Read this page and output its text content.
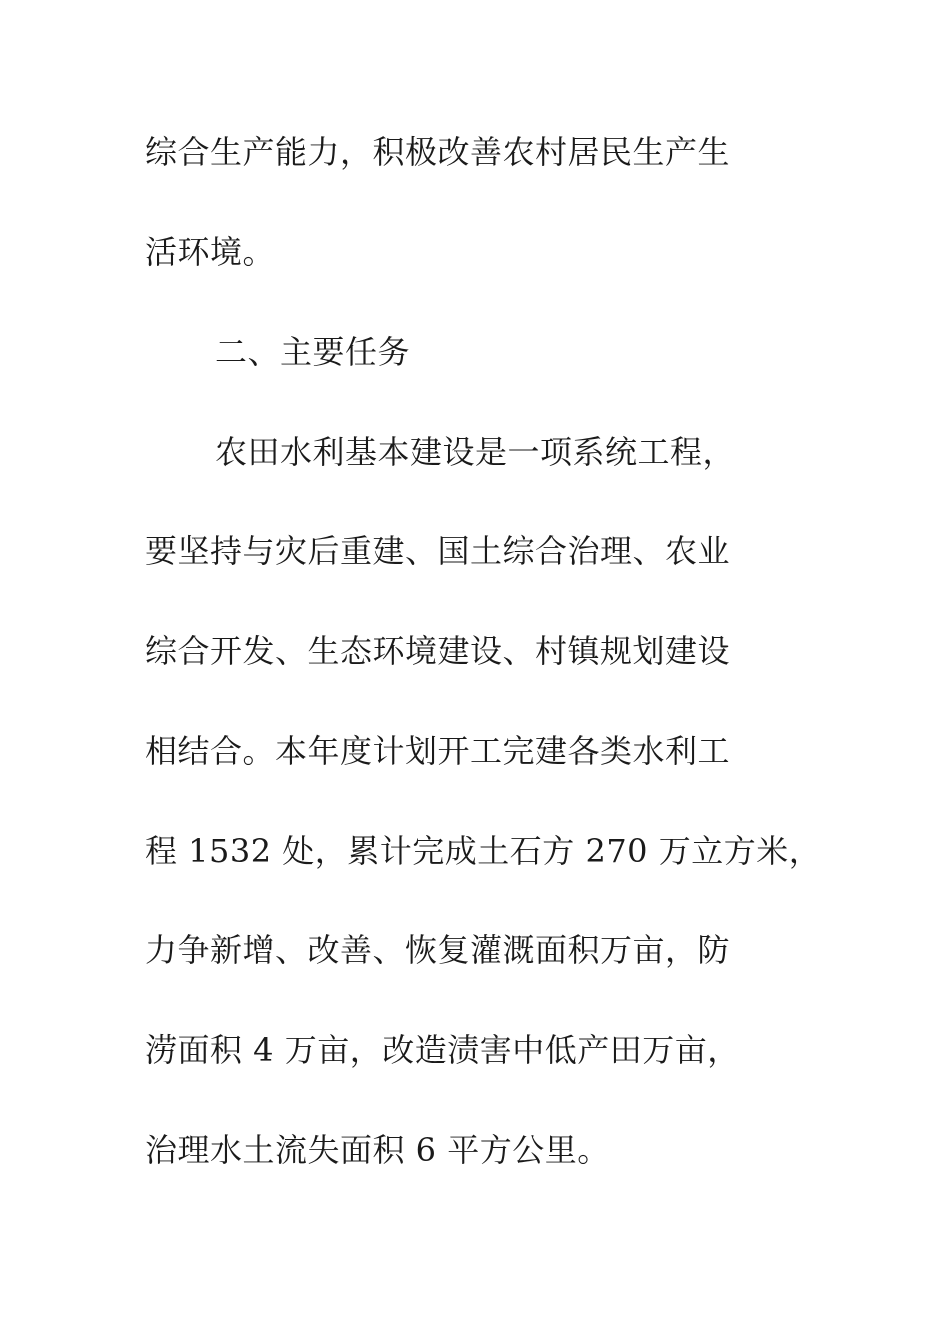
综合生产能力，积极改善农村居民生产生

活环境。

二、主要任务

农田水利基本建设是一项系统工程，

要坚持与灾后重建、国土综合治理、农业

综合开发、生态环境建设、村镇规划建设

相结合。本年度计划开工完建各类水利工

程 1532 处，累计完成土石方 270 万立方米，

力争新增、改善、恢复灌溉面积万亩，防

涝面积 4 万亩，改造渍害中低产田万亩，

治理水土流失面积 6 平方公里。
